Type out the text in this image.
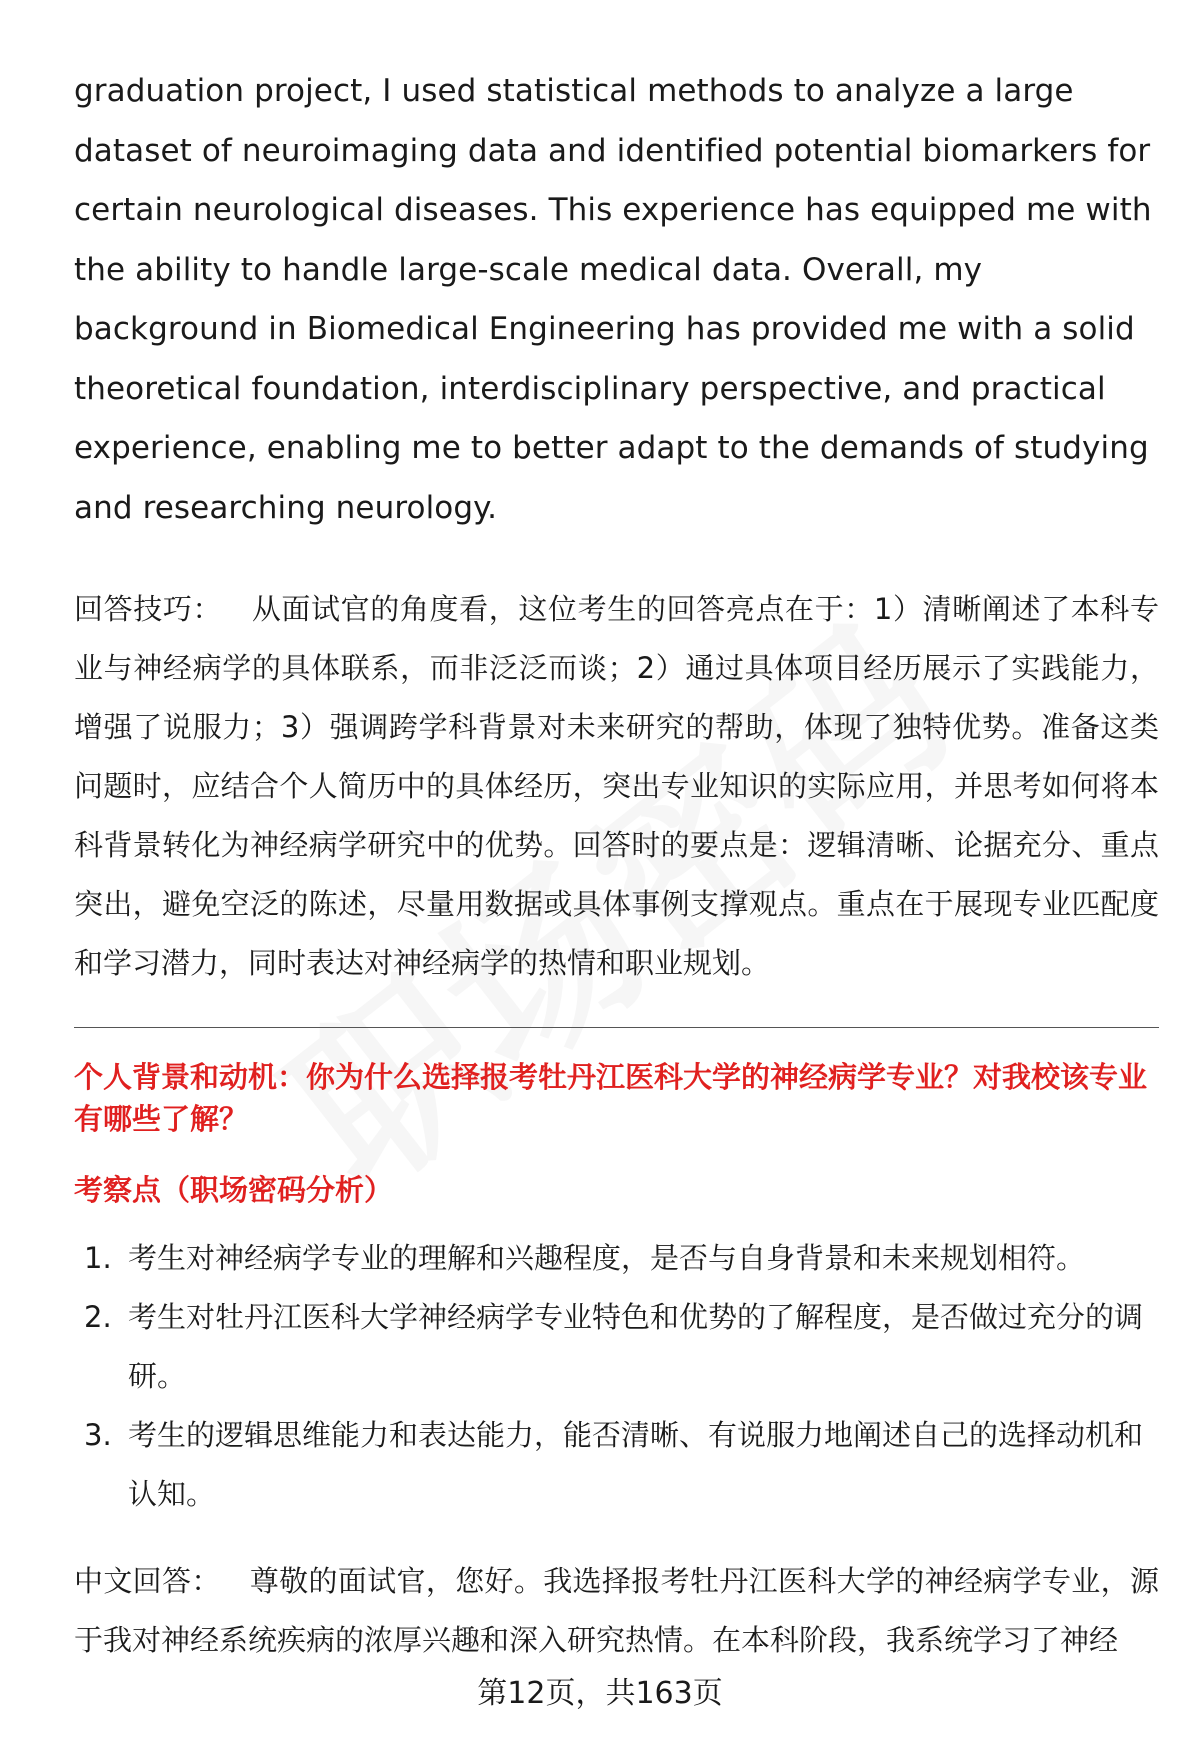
graduation project, I used statistical methods to analyze a large dataset of neuroimaging data and identified potential biomarkers for certain neurological diseases. This experience has equipped me with the ability to handle large-scale medical data. Overall, my background in Biomedical Engineering has provided me with a solid theoretical foundation, interdisciplinary perspective, and practical experience, enabling me to better adapt to the demands of studying and researching neurology.

回答技巧： 从面试官的角度看，这位考生的回答亮点在于：1）清晰阐述了本科专业与神经病学的具体联系，而非泛泛而谈；2）通过具体项目经历展示了实践能力，增强了说服力；3）强调跨学科背景对未来研究的帮助，体现了独特优势。准备这类问题时，应结合个人简历中的具体经历，突出专业知识的实际应用，并思考如何将本科背景转化为神经病学研究中的优势。回答时的要点是：逻辑清晰、论据充分、重点突出，避免空泛的陈述，尽量用数据或具体事例支撑观点。重点在于展现专业匹配度和学习潜力，同时表达对神经病学的热情和职业规划。

个人背景和动机：你为什么选择报考牡丹江医科大学的神经病学专业？对我校该专业有哪些了解？
考察点（职场密码分析）
1. 考生对神经病学专业的理解和兴趣程度，是否与自身背景和未来规划相符。
2. 考生对牡丹江医科大学神经病学专业特色和优势的了解程度，是否做过充分的调研。
3. 考生的逻辑思维能力和表达能力，能否清晰、有说服力地阐述自己的选择动机和认知。

中文回答： 尊敬的面试官，您好。我选择报考牡丹江医科大学的神经病学专业，源于我对神经系统疾病的浓厚兴趣和深入研究热情。在本科阶段，我系统学习了神经

第12页，共163页
